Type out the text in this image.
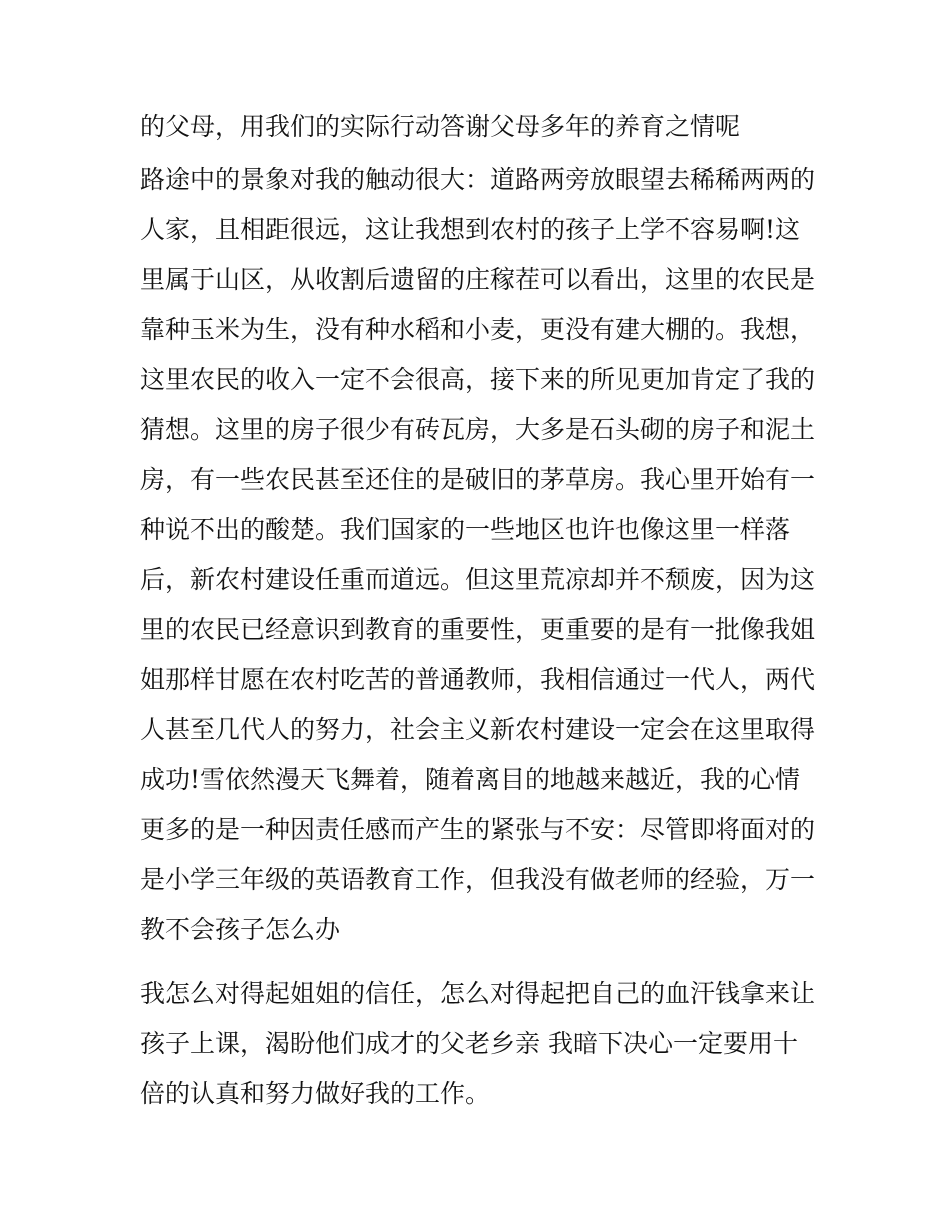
的父母，用我们的实际行动答谢父母多年的养育之情呢
路途中的景象对我的触动很大：道路两旁放眼望去稀稀两两的
人家，且相距很远，这让我想到农村的孩子上学不容易啊!这
里属于山区，从收割后遗留的庄稼茬可以看出，这里的农民是
靠种玉米为生，没有种水稻和小麦，更没有建大棚的。我想，
这里农民的收入一定不会很高，接下来的所见更加肯定了我的
猜想。这里的房子很少有砖瓦房，大多是石头砌的房子和泥土
房，有一些农民甚至还住的是破旧的茅草房。我心里开始有一
种说不出的酸楚。我们国家的一些地区也许也像这里一样落
后，新农村建设任重而道远。但这里荒凉却并不颓废，因为这
里的农民已经意识到教育的重要性，更重要的是有一批像我姐
姐那样甘愿在农村吃苦的普通教师，我相信通过一代人，两代
人甚至几代人的努力，社会主义新农村建设一定会在这里取得
成功!雪依然漫天飞舞着，随着离目的地越来越近，我的心情
更多的是一种因责任感而产生的紧张与不安：尽管即将面对的
是小学三年级的英语教育工作，但我没有做老师的经验，万一
教不会孩子怎么办
我怎么对得起姐姐的信任，怎么对得起把自己的血汗钱拿来让
孩子上课，渴盼他们成才的父老乡亲 我暗下决心一定要用十
倍的认真和努力做好我的工作。
